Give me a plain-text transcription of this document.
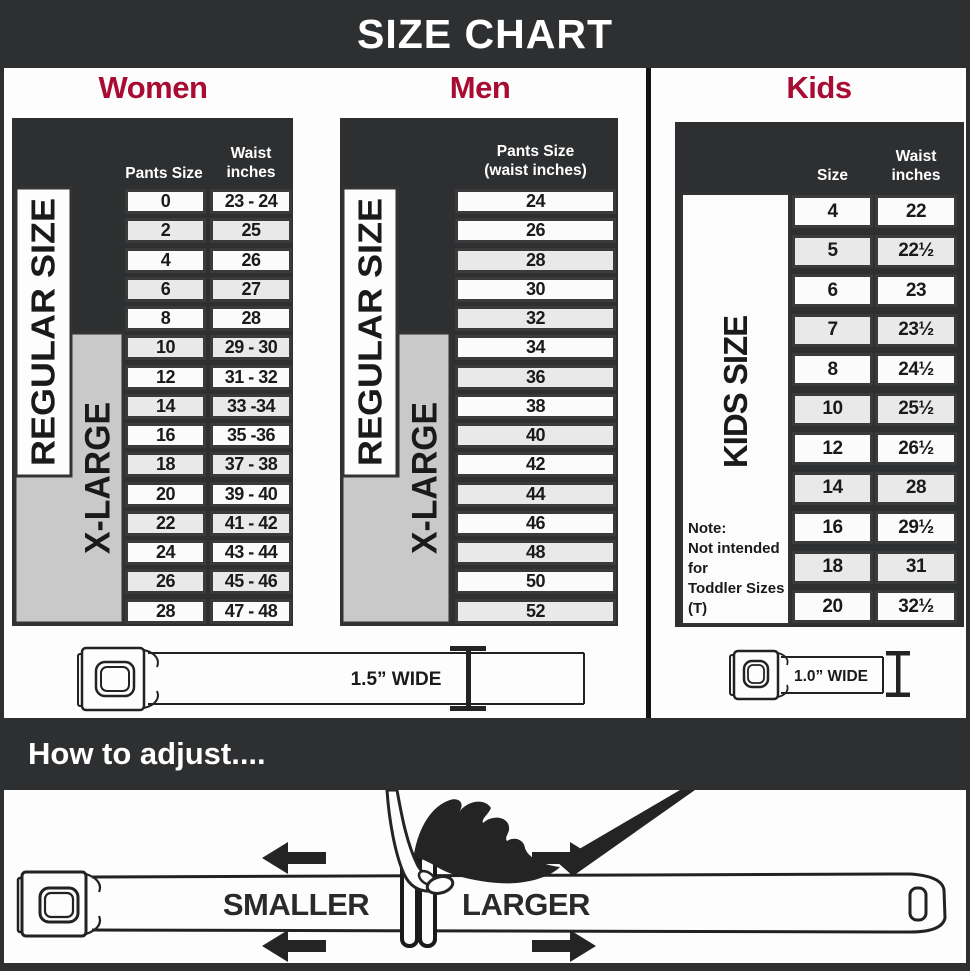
SIZE CHART
Women	Men	Kids
Pants Size
Waist
inches
REGULAR SIZE
X-LARGE
0	23 - 24
2	25
4	26
6	27
8	28
10	29 - 30
12	31 - 32
14	33 -34
16	35 -36
18	37 - 38
20	39 - 40
22	41 - 42
24	43 - 44
26	45 - 46
28	47 - 48
Pants Size
(waist inches)
REGULAR SIZE
X-LARGE
24
26
28
30
32
34
36
38
40
42
44
46
48
50
52
Size
Waist
inches
KIDS SIZE
Note:
Not intended for
Toddler Sizes (T)
4	22
5	22½
6	23
7	23½
8	24½
10	25½
12	26½
14	28
16	29½
18	31
20	32½
1.5” WIDE	1.0” WIDE
How to adjust....
SMALLER	LARGER
